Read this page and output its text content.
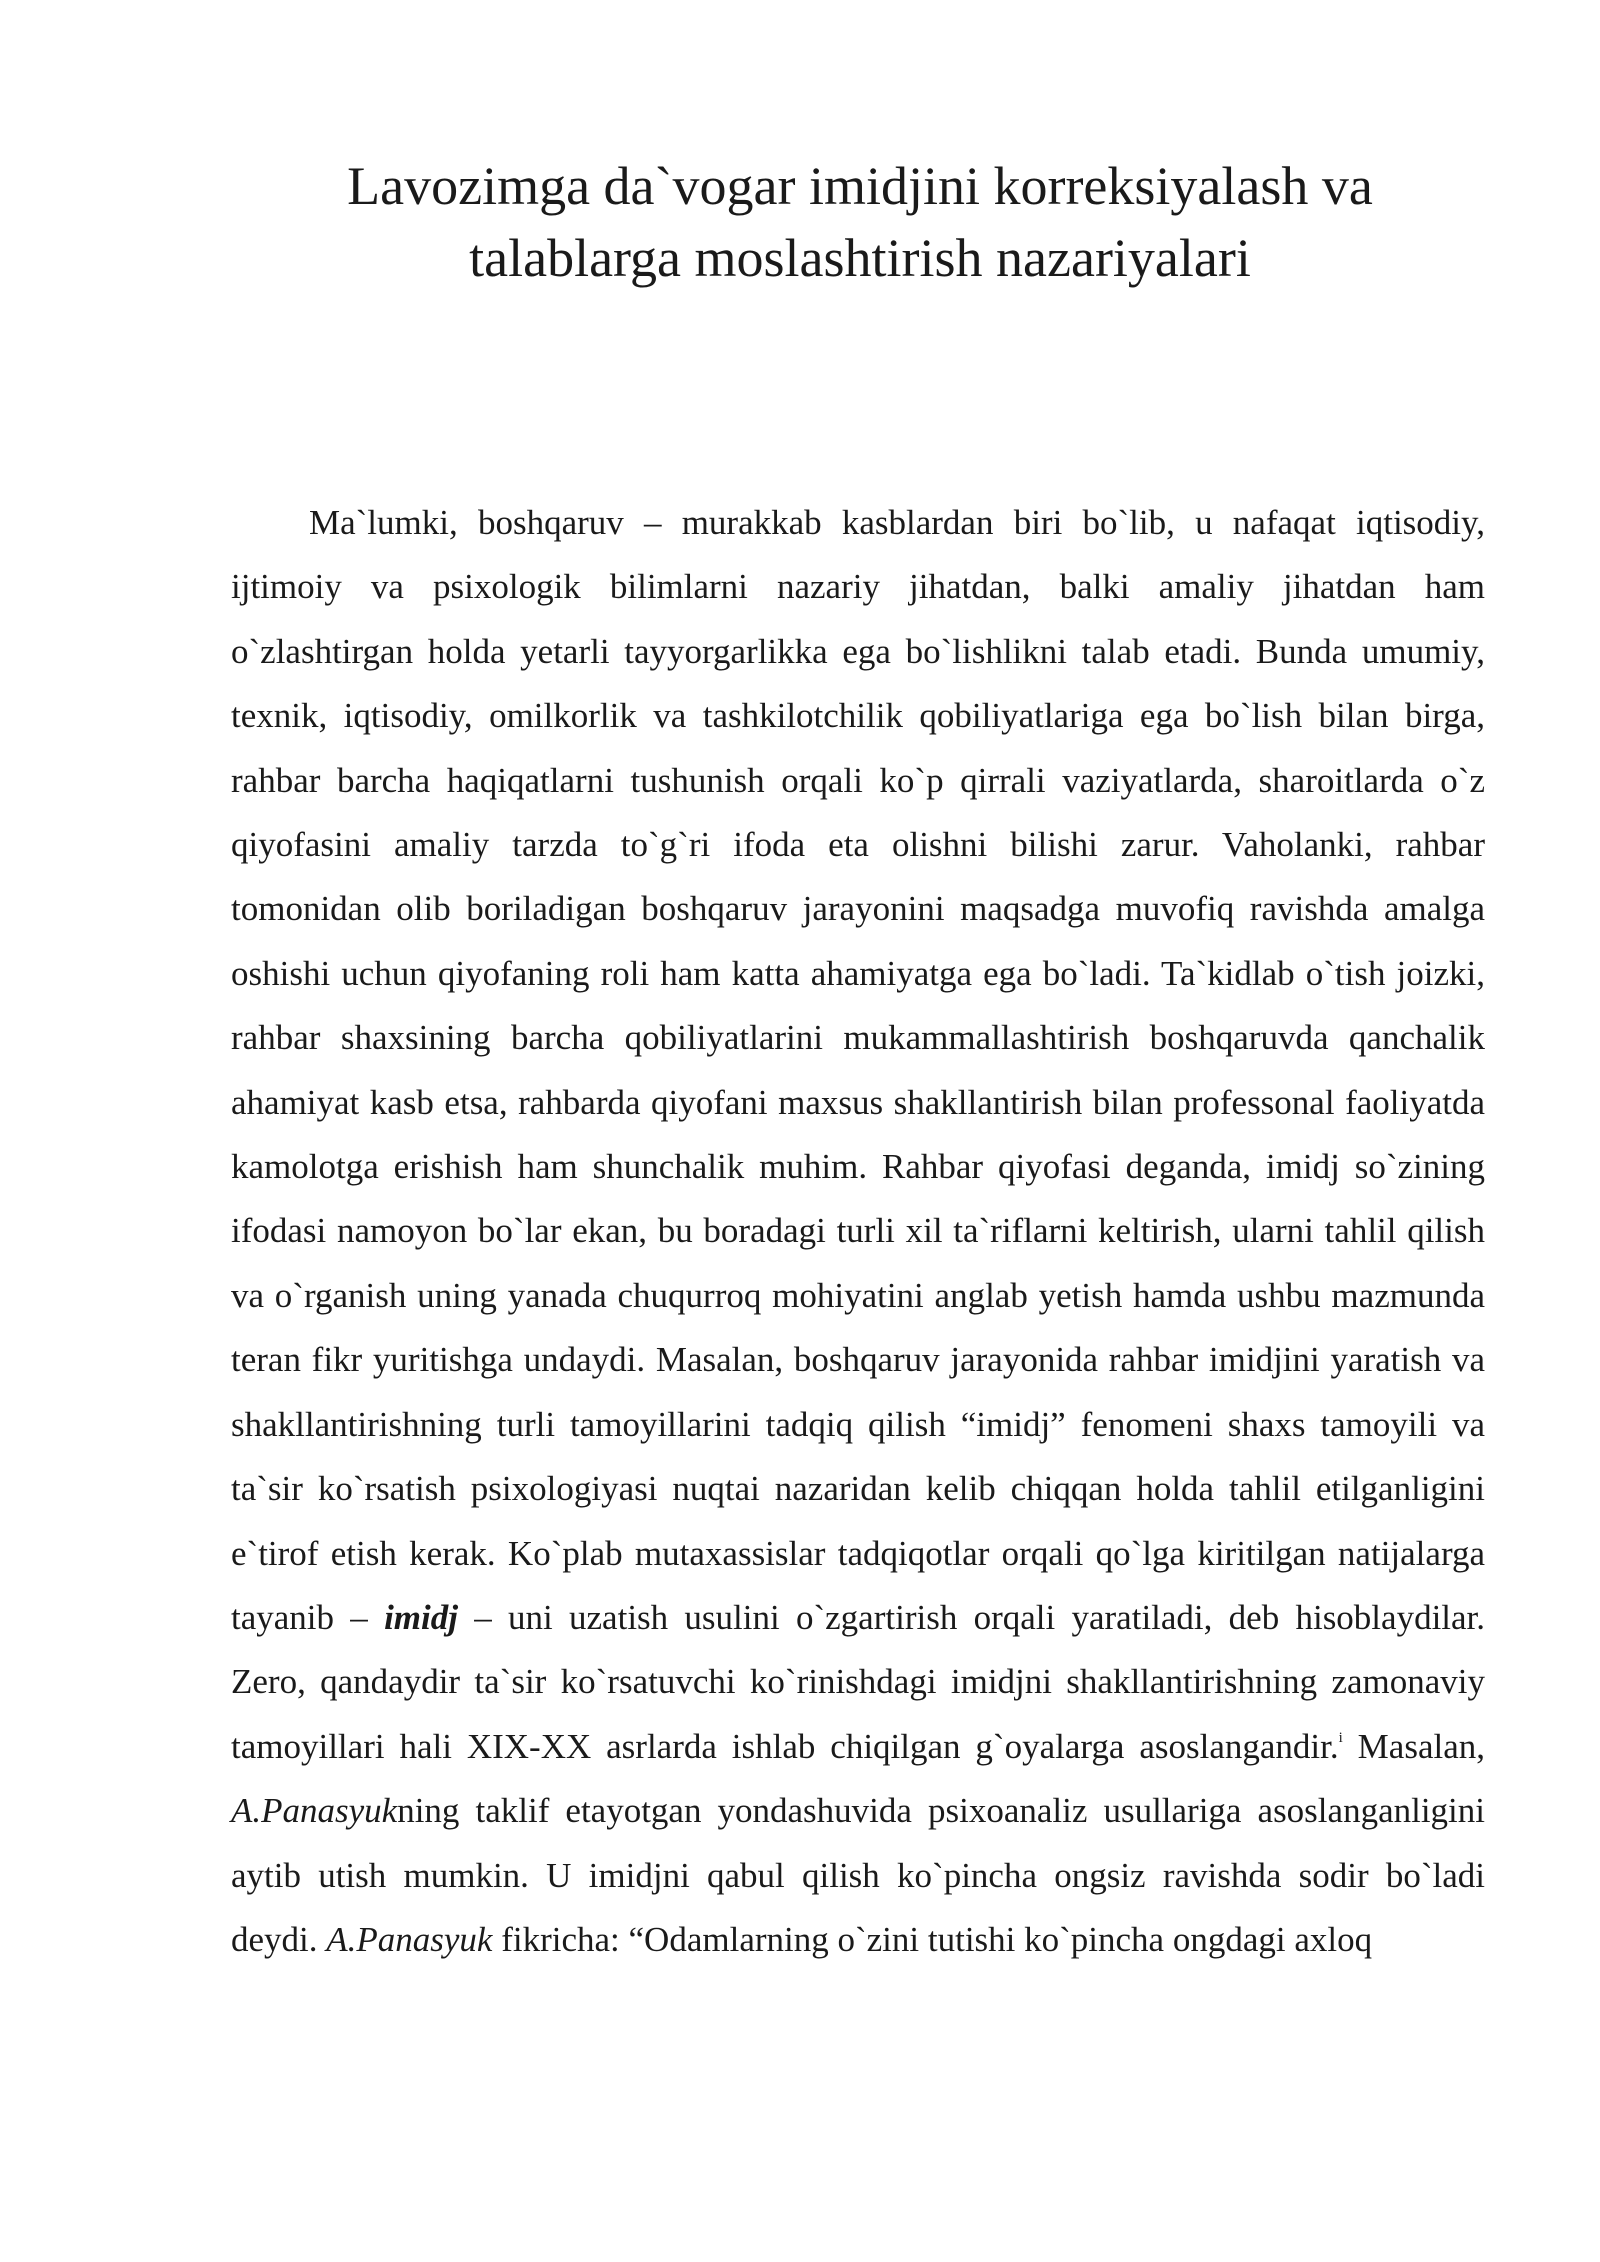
Lavozimga da`vogar imidjini korreksiyalash va
talablarga moslashtirish nazariyalari

Ma`lumki, boshqaruv – murakkab kasblardan biri bo`lib, u nafaqat iqtisodiy, ijtimoiy va psixologik bilimlarni nazariy jihatdan, balki amaliy jihatdan ham o`zlashtirgan holda yetarli tayyorgarlikka ega bo`lishlikni talab etadi. Bunda umumiy, texnik, iqtisodiy, omilkorlik va tashkilotchilik qobiliyatlariga ega bo`lish bilan birga, rahbar barcha haqiqatlarni tushunish orqali ko`p qirrali vaziyatlarda, sharoitlarda o`z qiyofasini amaliy tarzda to`g`ri ifoda eta olishni bilishi zarur. Vaholanki, rahbar tomonidan olib boriladigan boshqaruv jarayonini maqsadga muvofiq ravishda amalga oshishi uchun qiyofaning roli ham katta ahamiyatga ega bo`ladi. Ta`kidlab o`tish joizki, rahbar shaxsining barcha qobiliyatlarini mukammallashtirish boshqaruvda qanchalik ahamiyat kasb etsa, rahbarda qiyofani maxsus shakllantirish bilan professonal faoliyatda kamolotga erishish ham shunchalik muhim. Rahbar qiyofasi deganda, imidj so`zining ifodasi namoyon bo`lar ekan, bu boradagi turli xil ta`riflarni keltirish, ularni tahlil qilish va o`rganish uning yanada chuqurroq mohiyatini anglab yetish hamda ushbu mazmunda teran fikr yuritishga undaydi. Masalan, boshqaruv jarayonida rahbar imidjini yaratish va shakllantirishning turli tamoyillarini tadqiq qilish “imidj” fenomeni shaxs tamoyili va ta`sir ko`rsatish psixologiyasi nuqtai nazaridan kelib chiqqan holda tahlil etilganligini e`tirof etish kerak. Ko`plab mutaxassislar tadqiqotlar orqali qo`lga kiritilgan natijalarga tayanib – imidj – uni uzatish usulini o`zgartirish orqali yaratiladi, deb hisoblaydilar. Zero, qandaydir ta`sir ko`rsatuvchi ko`rinishdagi imidjni shakllantirishning zamonaviy tamoyillari hali XIX-XX asrlarda ishlab chiqilgan g`oyalarga asoslangandir.$^i$ Masalan, A.Panasyukning taklif etayotgan yondashuvida psixoanaliz usullariga asoslanganligini aytib utish mumkin. U imidjni qabul qilish ko`pincha ongsiz ravishda sodir bo`ladi deydi. A.Panasyuk fikricha: “Odamlarning o`zini tutishi ko`pincha ongdagi axloq
